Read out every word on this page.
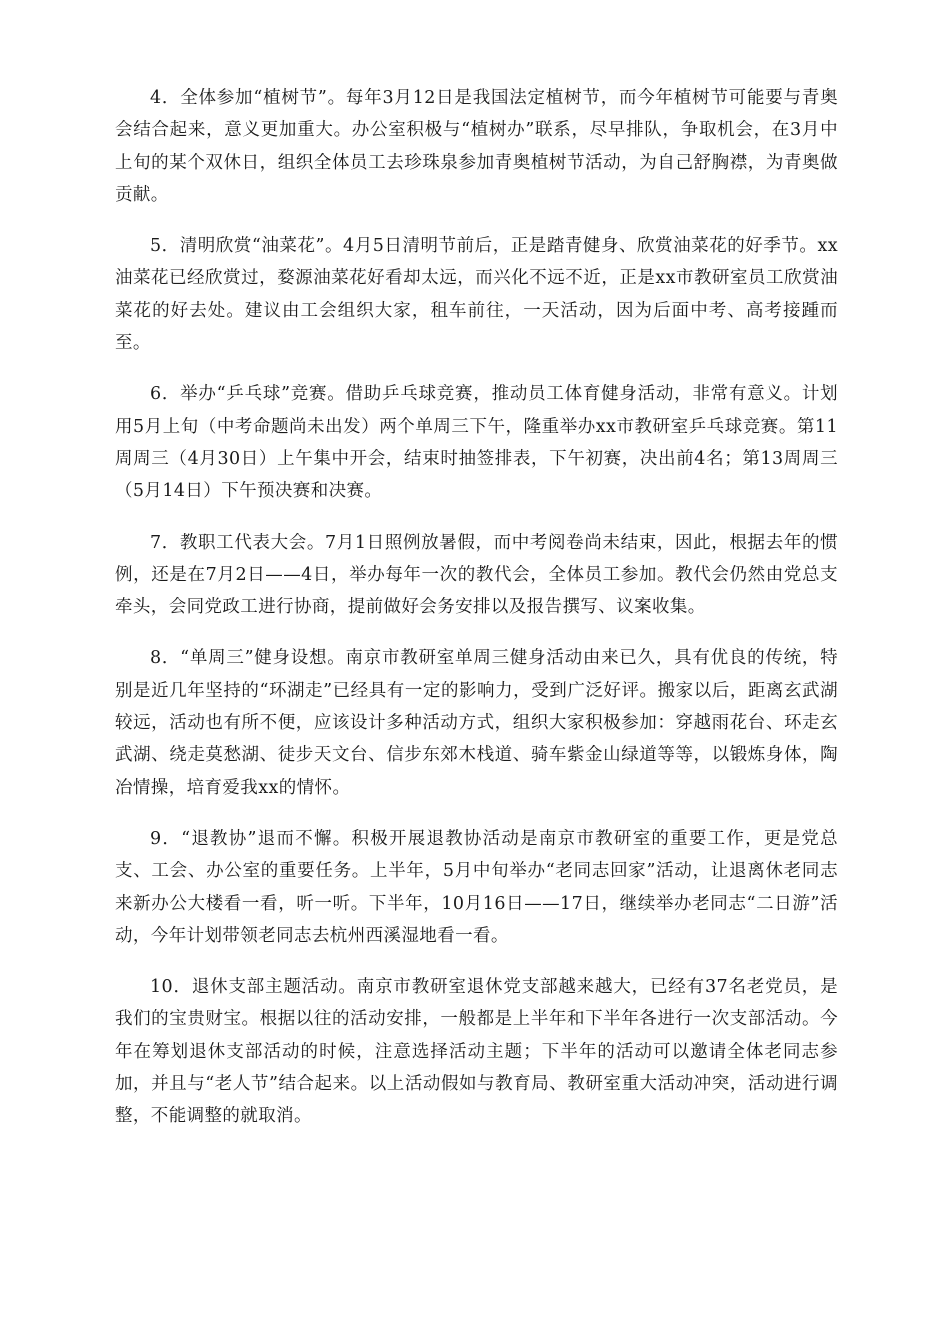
4．全体参加“植树节”。每年3月12日是我国法定植树节，而今年植树节可能要与青奥会结合起来，意义更加重大。办公室积极与“植树办”联系，尽早排队，争取机会，在3月中上旬的某个双休日，组织全体员工去珍珠泉参加青奥植树节活动，为自己舒胸襟，为青奥做贡献。

5．清明欣赏“油菜花”。4月5日清明节前后，正是踏青健身、欣赏油菜花的好季节。xx油菜花已经欣赏过，婺源油菜花好看却太远，而兴化不远不近，正是xx市教研室员工欣赏油菜花的好去处。建议由工会组织大家，租车前往，一天活动，因为后面中考、高考接踵而至。

6．举办“乒乓球”竞赛。借助乒乓球竞赛，推动员工体育健身活动，非常有意义。计划用5月上旬（中考命题尚未出发）两个单周三下午，隆重举办xx市教研室乒乓球竞赛。第11周周三（4月30日）上午集中开会，结束时抽签排表，下午初赛，决出前4名；第13周周三（5月14日）下午预决赛和决赛。

7．教职工代表大会。7月1日照例放暑假，而中考阅卷尚未结束，因此，根据去年的惯例，还是在7月2日——4日，举办每年一次的教代会，全体员工参加。教代会仍然由党总支牵头，会同党政工进行协商，提前做好会务安排以及报告撰写、议案收集。

8．“单周三”健身设想。南京市教研室单周三健身活动由来已久，具有优良的传统，特别是近几年坚持的“环湖走”已经具有一定的影响力，受到广泛好评。搬家以后，距离玄武湖较远，活动也有所不便，应该设计多种活动方式，组织大家积极参加：穿越雨花台、环走玄武湖、绕走莫愁湖、徒步天文台、信步东郊木栈道、骑车紫金山绿道等等，以锻炼身体，陶冶情操，培育爱我xx的情怀。

9．“退教协”退而不懈。积极开展退教协活动是南京市教研室的重要工作，更是党总支、工会、办公室的重要任务。上半年，5月中旬举办“老同志回家”活动，让退离休老同志来新办公大楼看一看，听一听。下半年，10月16日——17日，继续举办老同志“二日游”活动，今年计划带领老同志去杭州西溪湿地看一看。

10．退休支部主题活动。南京市教研室退休党支部越来越大，已经有37名老党员，是我们的宝贵财宝。根据以往的活动安排，一般都是上半年和下半年各进行一次支部活动。今年在筹划退休支部活动的时候，注意选择活动主题；下半年的活动可以邀请全体老同志参加，并且与“老人节”结合起来。以上活动假如与教育局、教研室重大活动冲突，活动进行调整，不能调整的就取消。
